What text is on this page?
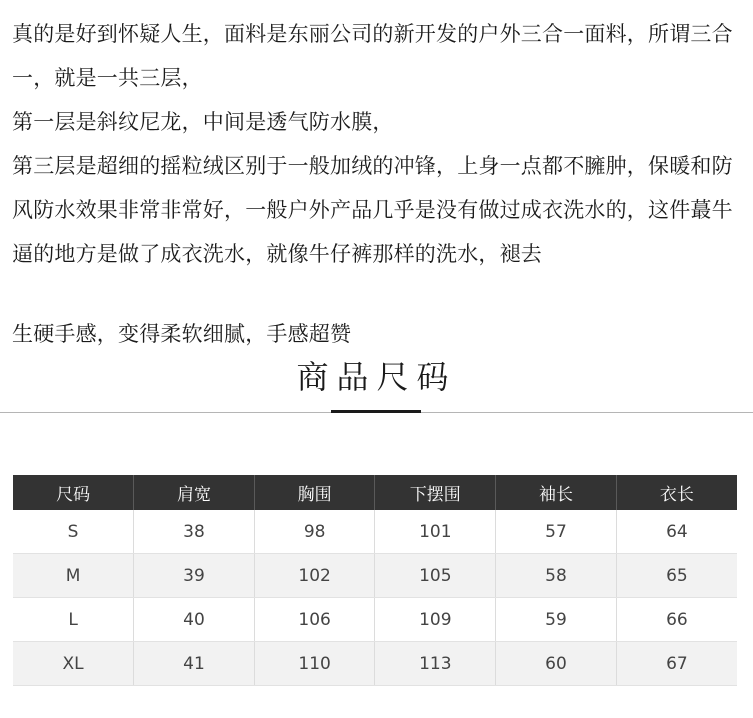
真的是好到怀疑人生，面料是东丽公司的新开发的户外三合一面料，所谓三合一，就是一共三层，

第一层是斜纹尼龙，中间是透气防水膜，

第三层是超细的摇粒绒区别于一般加绒的冲锋，上身一点都不臃肿，保暖和防风防水效果非常非常好，一般户外产品几乎是没有做过成衣洗水的，这件蕞牛逼的地方是做了成衣洗水，就像牛仔裤那样的洗水，褪去

生硬手感，变得柔软细腻，手感超赞

商品尺码
尺码	肩宽	胸围	下摆围	袖长	衣长
S	38	98	101	57	64
M	39	102	105	58	65
L	40	106	109	59	66
XL	41	110	113	60	67
